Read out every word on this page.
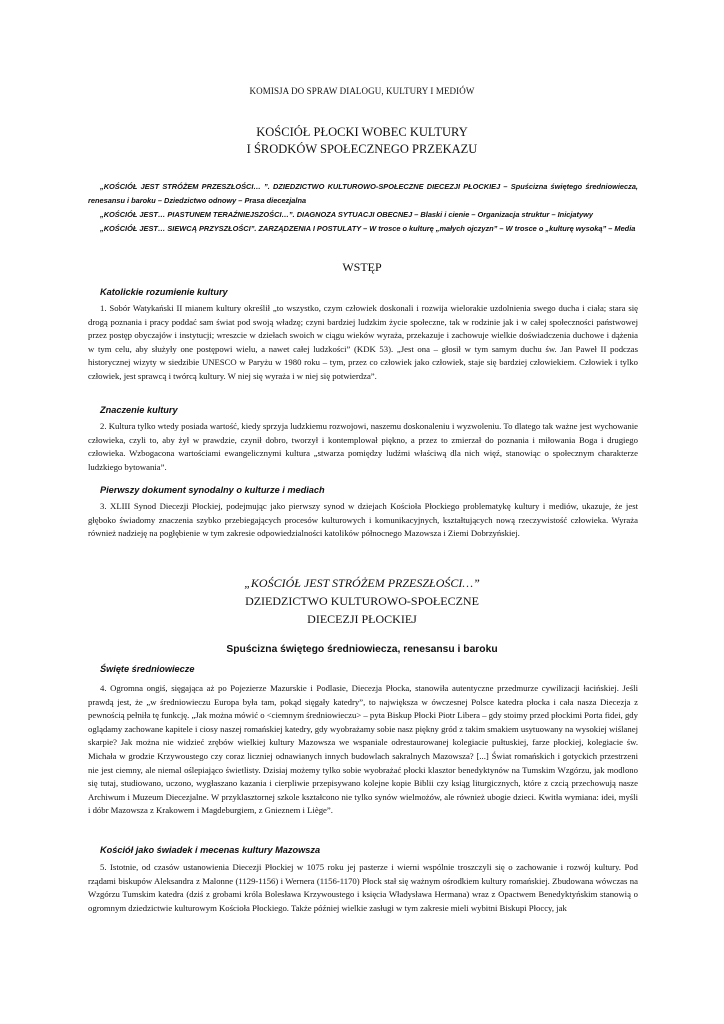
KOMISJA DO SPRAW DIALOGU, KULTURY I MEDIÓW
KOŚCIÓŁ PŁOCKI WOBEC KULTURY
I ŚRODKÓW SPOŁECZNEGO PRZEKAZU
„KOŚCIÓŁ JEST STRÓŻEM PRZESZŁOŚCI… ”. DZIEDZICTWO KULTUROWO-SPOŁECZNE DIECEZJI PŁOCKIEJ – Spuścizna świętego średniowiecza,
renesansu i baroku – Dziedzictwo odnowy – Prasa diecezjalna
„KOŚCIÓŁ JEST… PIASTUNEM TERAŹNIEJSZOŚCI…”. DIAGNOZA SYTUACJI OBECNEJ – Blaski i cienie – Organizacja struktur – Inicjatywy
„KOŚCIÓŁ JEST… SIEWCĄ PRZYSZŁOŚCI”. ZARZĄDZENIA I POSTULATY – W trosce o kulturę „małych ojczyzn” – W trosce o „kulturę wysoką” – Media
WSTĘP
Katolickie rozumienie kultury
1. Sobór Watykański II mianem kultury określił „to wszystko, czym człowiek doskonali i rozwija wielorakie uzdolnienia swego ducha i ciała; stara się drogą poznania i pracy poddać sam świat pod swoją władzę; czyni bardziej ludzkim życie społeczne, tak w rodzinie jak i w całej społeczności państwowej przez postęp obyczajów i instytucji; wreszcie w dziełach swoich w ciągu wieków wyraża, przekazuje i zachowuje wielkie doświadczenia duchowe i dążenia w tym celu, aby służyły one postępowi wielu, a nawet całej ludzkości” (KDK 53). „Jest ona – głosił w tym samym duchu św. Jan Paweł II podczas historycznej wizyty w siedzibie UNESCO w Paryżu w 1980 roku – tym, przez co człowiek jako człowiek, staje się bardziej człowiekiem. Człowiek i tylko człowiek, jest sprawcą i twórcą kultury. W niej się wyraża i w niej się potwierdza”.
Znaczenie kultury
2. Kultura tylko wtedy posiada wartość, kiedy sprzyja ludzkiemu rozwojowi, naszemu doskonaleniu i wyzwoleniu. To dlatego tak ważne jest wychowanie człowieka, czyli to, aby żył w prawdzie, czynił dobro, tworzył i kontemplował piękno, a przez to zmierzał do poznania i miłowania Boga i drugiego człowieka. Wzbogacona wartościami ewangelicznymi kultura „stwarza pomiędzy ludźmi właściwą dla nich więź, stanowiąc o społecznym charakterze ludzkiego bytowania”.
Pierwszy dokument synodalny o kulturze i mediach
3. XLIII Synod Diecezji Płockiej, podejmując jako pierwszy synod w dziejach Kościoła Płockiego problematykę kultury i mediów, ukazuje, że jest głęboko świadomy znaczenia szybko przebiegających procesów kulturowych i komunikacyjnych, kształtujących nową rzeczywistość człowieka. Wyraża również nadzieję na pogłębienie w tym zakresie odpowiedzialności katolików północnego Mazowsza i Ziemi Dobrzyńskiej.
„KOŚCIÓŁ JEST STRÓŻEM PRZESZŁOŚCI…”
DZIEDZICTWO KULTUROWO-SPOŁECZNE
DIECEZJI PŁOCKIEJ
Spuścizna świętego średniowiecza, renesansu i baroku
Święte średniowiecze
4. Ogromna ongiś, sięgająca aż po Pojezierze Mazurskie i Podlasie, Diecezja Płocka, stanowiła autentyczne przedmurze cywilizacji łacińskiej. Jeśli prawdą jest, że „w średniowieczu Europa była tam, pokąd sięgały katedry”, to największa w ówczesnej Polsce katedra płocka i cała nasza Diecezja z pewnością pełniła tę funkcję. „Jak można mówić o <ciemnym średniowieczu> – pyta Biskup Płocki Piotr Libera – gdy stoimy przed płockimi Porta fidei, gdy oglądamy zachowane kapitele i ciosy naszej romańskiej katedry, gdy wyobrażamy sobie nasz piękny gród z takim smakiem usytuowany na wysokiej wiślanej skarpie? Jak można nie widzieć zrębów wielkiej kultury Mazowsza we wspaniale odrestaurowanej kolegiacie pułtuskiej, farze płockiej, kolegiacie św. Michała w grodzie Krzywoustego czy coraz liczniej odnawianych innych budowlach sakralnych Mazowsza? [...] Świat romańskich i gotyckich przestrzeni nie jest ciemny, ale niemal oślepiająco świetlisty. Dzisiaj możemy tylko sobie wyobrażać płocki klasztor benedyktynów na Tumskim Wzgórzu, jak modlono się tutaj, studiowano, uczono, wygłaszano kazania i cierpliwie przepisywano kolejne kopie Biblii czy ksiąg liturgicznych, które z czcią przechowują nasze Archiwum i Muzeum Diecezjalne. W przyklasztornej szkole kształcono nie tylko synów wielmożów, ale również ubogie dzieci. Kwitła wymiana: idei, myśli i dóbr Mazowsza z Krakowem i Magdeburgiem, z Gnieznem i Liège”.
Kościół jako świadek i mecenas kultury Mazowsza
5. Istotnie, od czasów ustanowienia Diecezji Płockiej w 1075 roku jej pasterze i wierni wspólnie troszczyli się o zachowanie i rozwój kultury. Pod rządami biskupów Aleksandra z Malonne (1129-1156) i Wernera (1156-1170) Płock stał się ważnym ośrodkiem kultury romańskiej. Zbudowana wówczas na Wzgórzu Tumskim katedra (dziś z grobami króla Bolesława Krzywoustego i księcia Władysława Hermana) wraz z Opactwem Benedyktyńskim stanowią o ogromnym dziedzictwie kulturowym Kościoła Płockiego. Także później wielkie zasługi w tym zakresie mieli wybitni Biskupi Płoccy, jak
